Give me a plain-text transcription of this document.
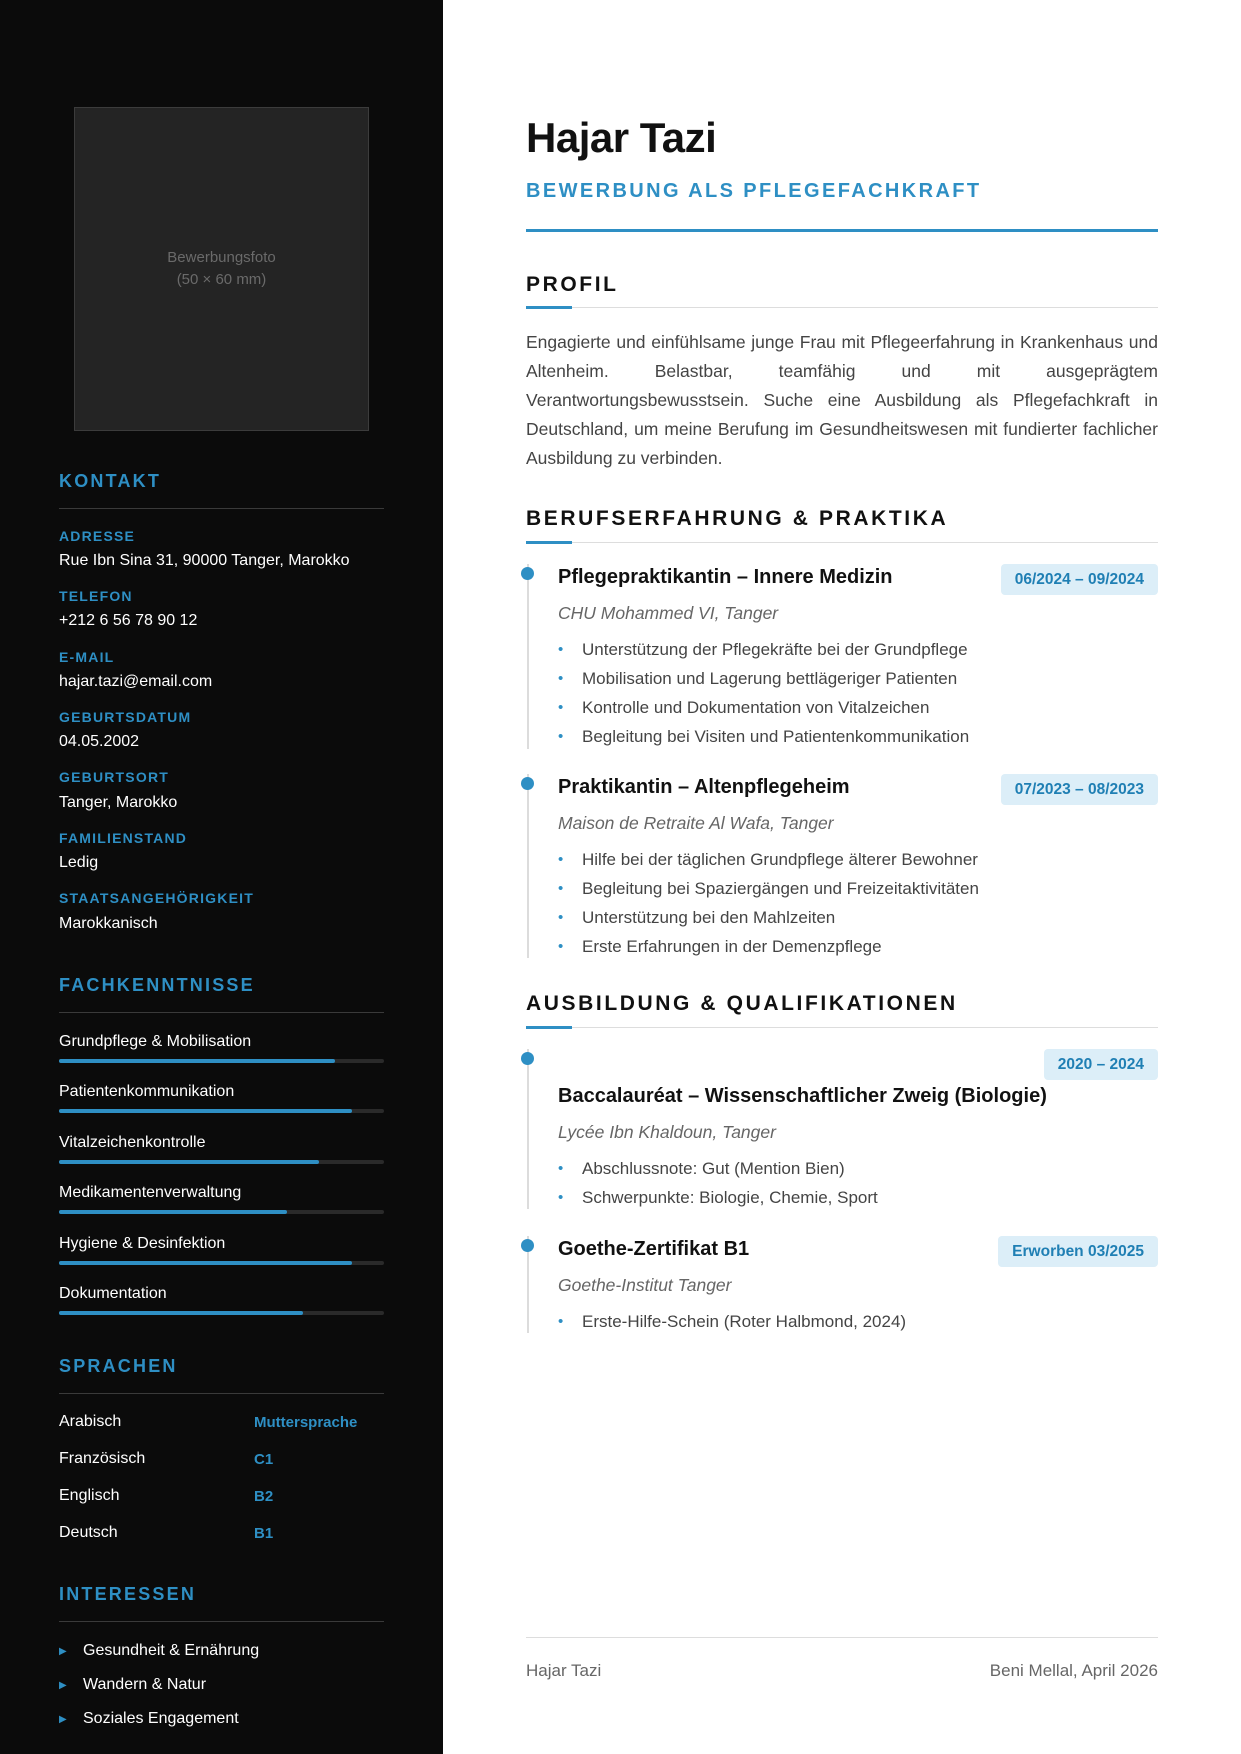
Bewerbungsfoto
(50 × 60 mm)
KONTAKT
ADRESSE
Rue Ibn Sina 31, 90000 Tanger, Marokko
TELEFON
+212 6 56 78 90 12
E-MAIL
hajar.tazi@email.com
GEBURTSDATUM
04.05.2002
GEBURTSORT
Tanger, Marokko
FAMILIENSTAND
Ledig
STAATSANGEHÖRIGKEIT
Marokkanisch
FACHKENNTNISSE
Grundpflege & Mobilisation
Patientenkommunikation
Vitalzeichenkontrolle
Medikamentenverwaltung
Hygiene & Desinfektion
Dokumentation
SPRACHEN
Arabisch	Muttersprache
Französisch	C1
Englisch	B2
Deutsch	B1
INTERESSEN
▶	Gesundheit & Ernährung
▶	Wandern & Natur
▶	Soziales Engagement
Hajar Tazi
BEWERBUNG ALS PFLEGEFACHKRAFT
PROFIL

Engagierte und einfühlsame junge Frau mit Pflegeerfahrung in Krankenhaus und Altenheim. Belastbar, teamfähig und mit ausgeprägtem Verantwortungsbewusstsein. Suche eine Ausbildung als Pflegefachkraft in Deutschland, um meine Berufung im Gesundheitswesen mit fundierter fachlicher Ausbildung zu verbinden.

BERUFSERFAHRUNG & PRAKTIKA
Pflegepraktikantin – Innere Medizin	06/2024 – 09/2024
CHU Mohammed VI, Tanger
• Unterstützung der Pflegekräfte bei der Grundpflege
• Mobilisation und Lagerung bettlägeriger Patienten
• Kontrolle und Dokumentation von Vitalzeichen
• Begleitung bei Visiten und Patientenkommunikation
Praktikantin – Altenpflegeheim	07/2023 – 08/2023
Maison de Retraite Al Wafa, Tanger
• Hilfe bei der täglichen Grundpflege älterer Bewohner
• Begleitung bei Spaziergängen und Freizeitaktivitäten
• Unterstützung bei den Mahlzeiten
• Erste Erfahrungen in der Demenzpflege
AUSBILDUNG & QUALIFIKATIONEN
2020 – 2024
Baccalauréat – Wissenschaftlicher Zweig (Biologie)
Lycée Ibn Khaldoun, Tanger
• Abschlussnote: Gut (Mention Bien)
• Schwerpunkte: Biologie, Chemie, Sport
Goethe-Zertifikat B1	Erworben 03/2025
Goethe-Institut Tanger
• Erste-Hilfe-Schein (Roter Halbmond, 2024)
Hajar Tazi	Beni Mellal, April 2026
